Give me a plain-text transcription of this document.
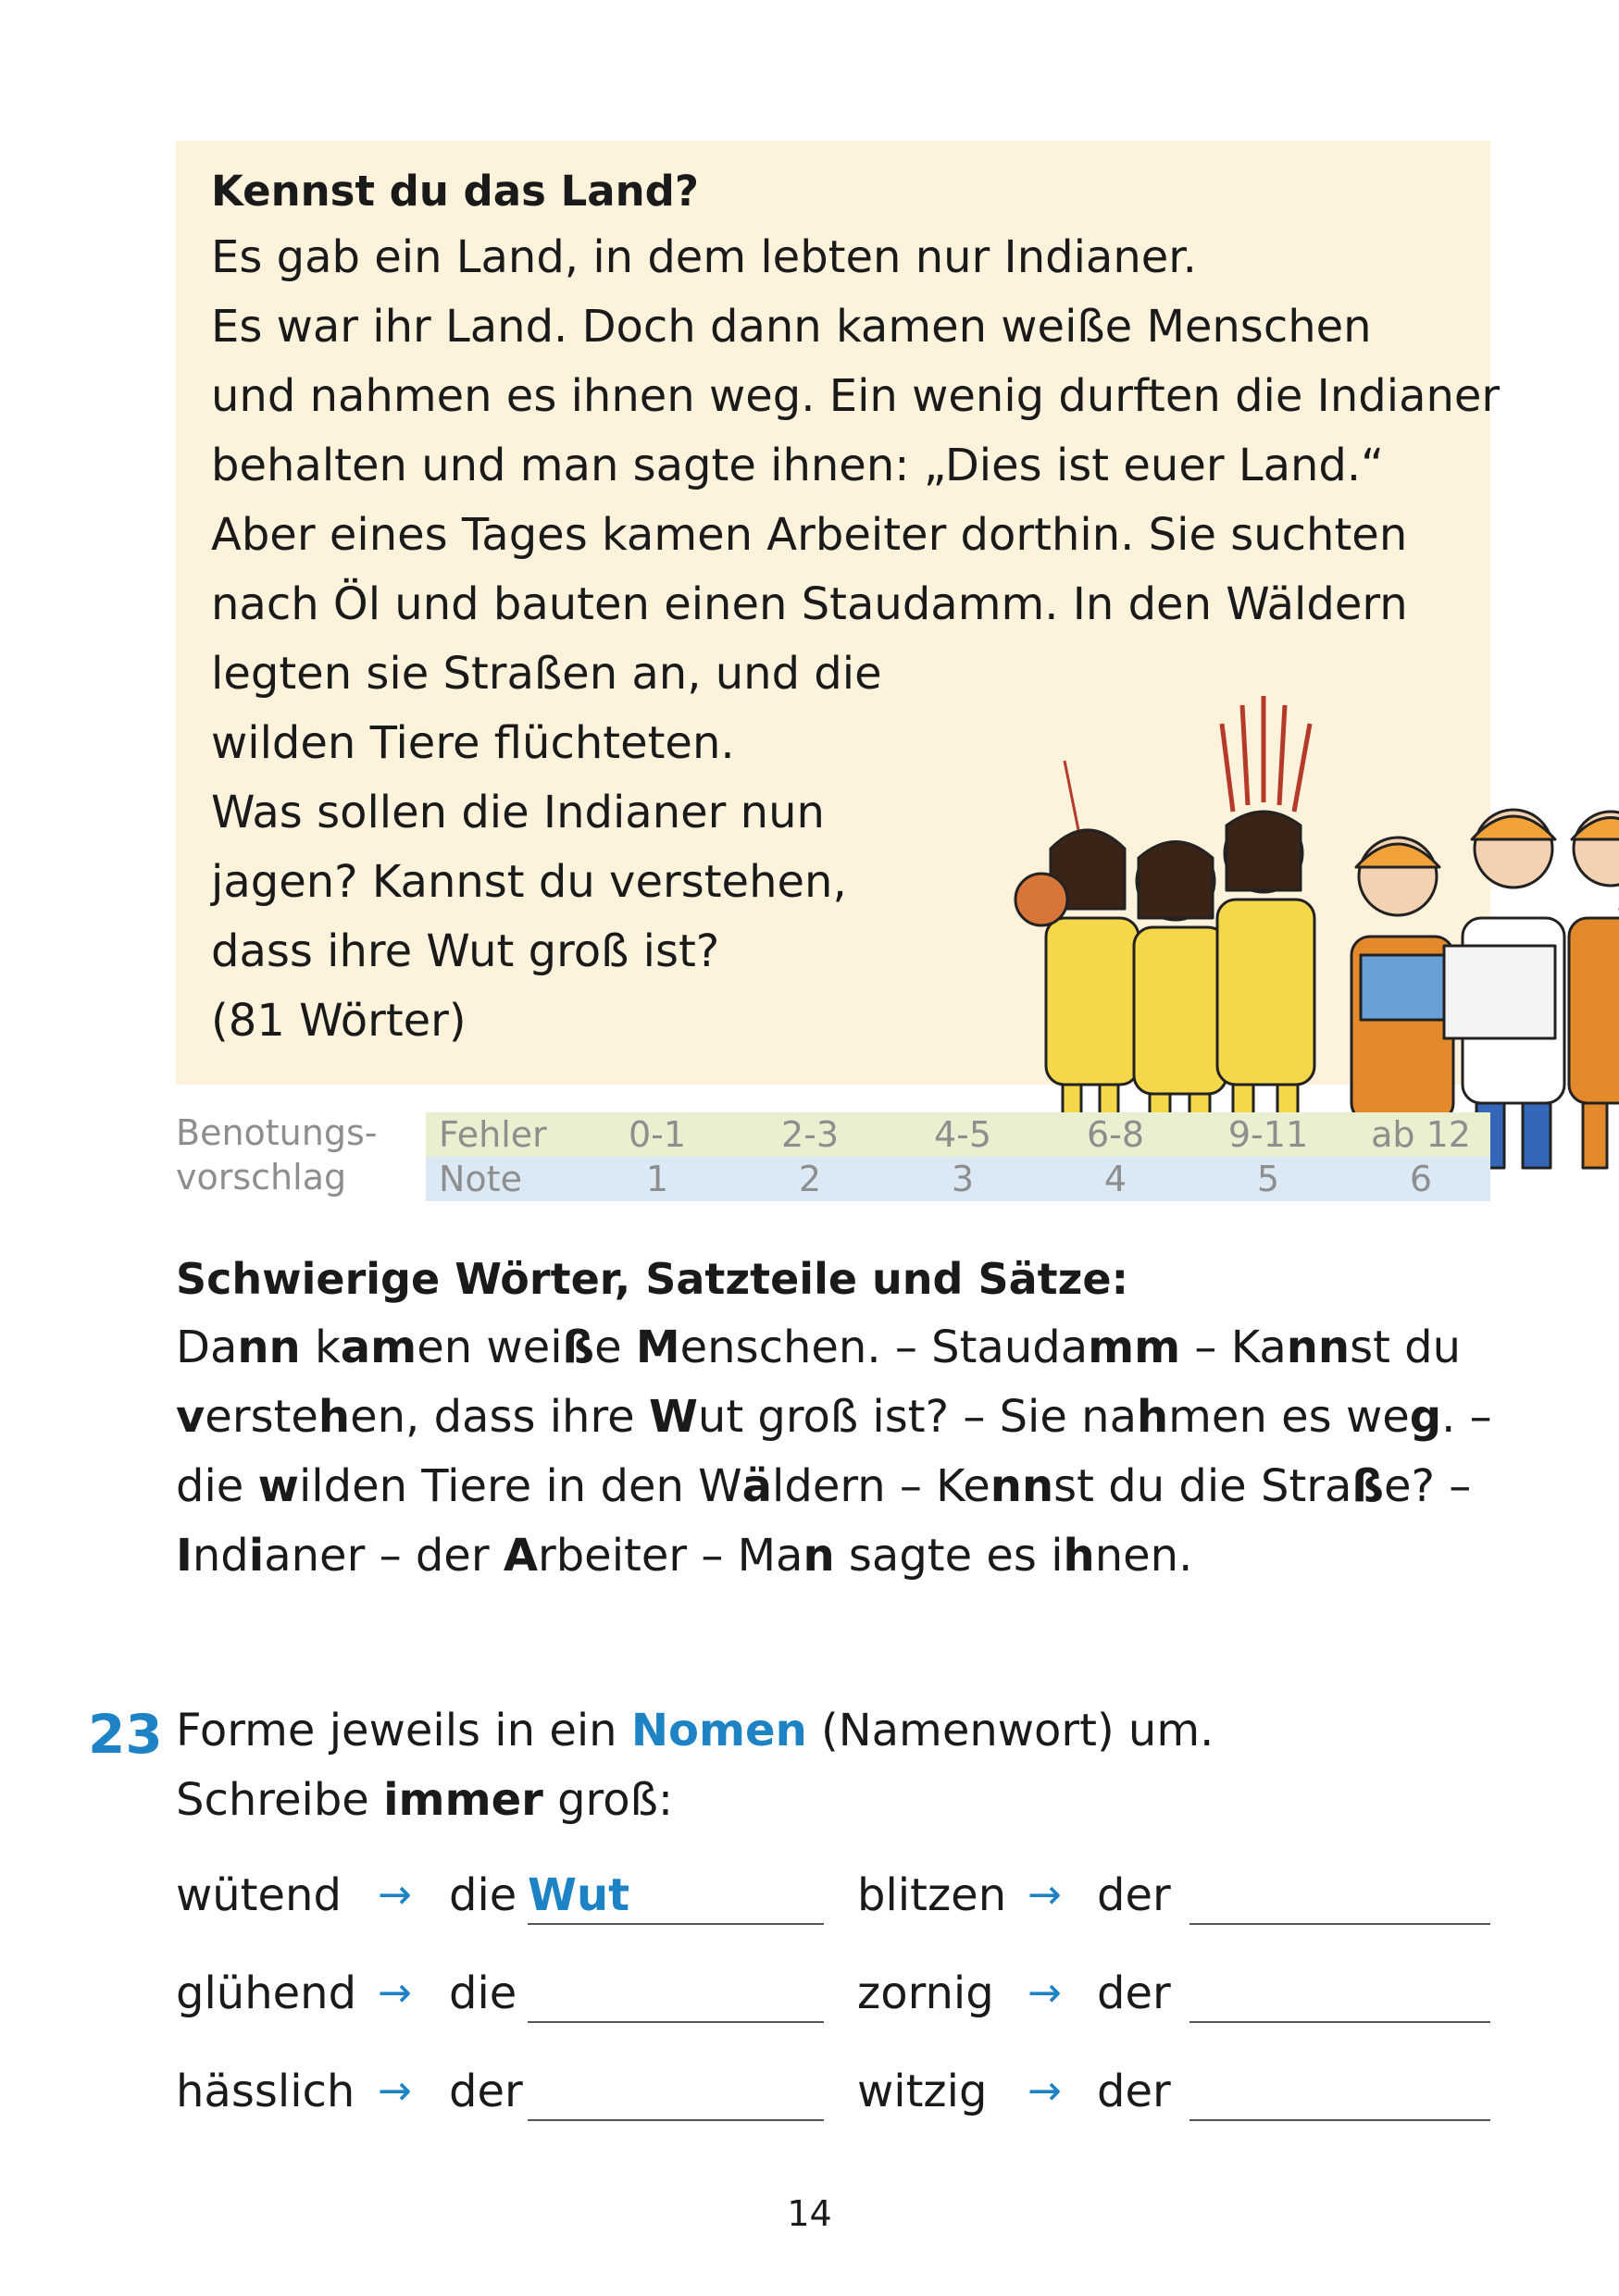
Kennst du das Land?
Es gab ein Land, in dem lebten nur Indianer.
Es war ihr Land. Doch dann kamen weiße Menschen
und nahmen es ihnen weg. Ein wenig durften die Indianer
behalten und man sagte ihnen: „Dies ist euer Land.“
Aber eines Tages kamen Arbeiter dorthin. Sie suchten
nach Öl und bauten einen Staudamm. In den Wäldern
legten sie Straßen an, und die
wilden Tiere flüchteten.
Was sollen die Indianer nun
jagen? Kannst du verstehen,
dass ihre Wut groß ist?
(81 Wörter)
Benotungs-
vorschlag
Fehler	0-1	2-3	4-5	6-8	9-11	ab 12
Note	1	2	3	4	5	6
Schwierige Wörter, Satzteile und Sätze:
Dann kamen weiße Menschen. – Staudamm – Kannst du
verstehen, dass ihre Wut groß ist? – Sie nahmen es weg. –
die wilden Tiere in den Wäldern – Kennst du die Straße? –
Indianer – der Arbeiter – Man sagte es ihnen.
23 Forme jeweils in ein Nomen (Namenwort) um.
Schreibe immer groß:
wütend → die Wut	blitzen → der
glühend → die	zornig → der
hässlich → der	witzig → der
14
